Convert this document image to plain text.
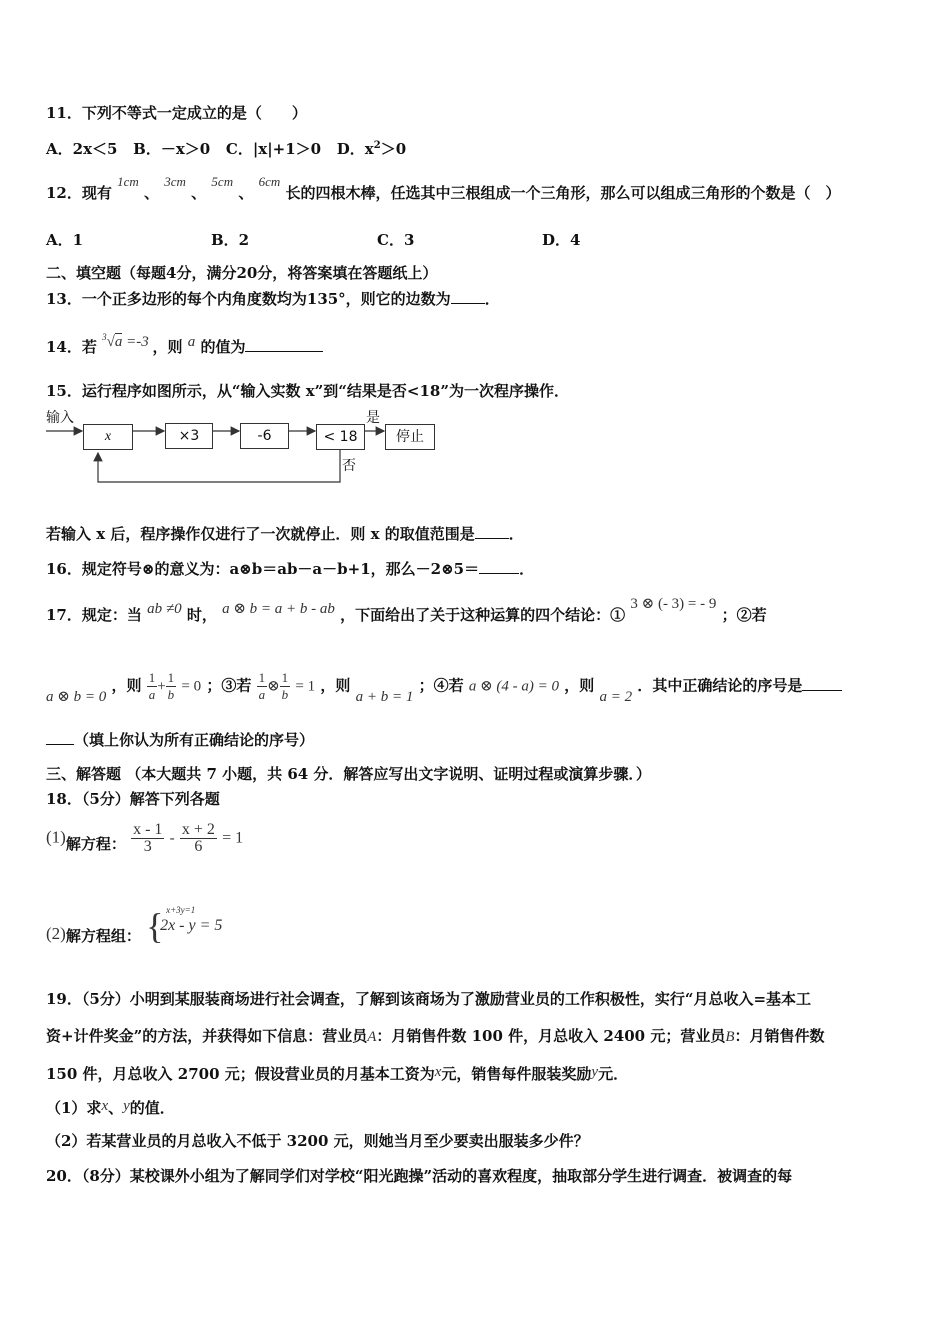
11．下列不等式一定成立的是（　　）
A．2x＜5 B．－x＞0 C．|x|+1＞0 D．$x^2>0$
12．现有 1cm 、 3cm 、 5cm 、 6cm 长的四根木棒，任选其中三根组成一个三角形，那么可以组成三角形的个数是（　）
A．1	B．2	C．3	D．4
二、填空题（每题4分，满分20分，将答案填在答题纸上）
13．一个正多边形的每个内角度数均为135°，则它的边数为 ．
14．若 $^3$√a =-3 ，则 a 的值为
15．运行程序如图所示，从“输入实数 x”到“结果是否<18”为一次程序操作．
输入
x	×3	-6	< 18
是
否
停止
若输入 x 后，程序操作仅进行了一次就停止．则 x 的取值范围是 ．
16．规定符号⊗的意义为：a⊗b＝ab－a－b+1，那么－2⊗5＝	．
17．规定：当 ab ≠0 时， a ⊗ b = a + b - ab ，下面给出了关于这种运算的四个结论：① 3 ⊗ (- 3) = - 9 ；②若
a ⊗ b = 0 ，则 $\frac{1}{a} + \frac{1}{b} = 0$ ；③若 $\frac{1}{a}$ ⊗ $\frac{1}{b} = 1$ ，则 a + b = 1 ；④若 a ⊗ (4 - a) = 0 ，则 a = 2 ．其中正确结论的序号是
（填上你认为所有正确结论的序号）
三、解答题 （本大题共 7 小题，共 64 分．解答应写出文字说明、证明过程或演算步骤．）
18．（5分）解答下列各题
(1)解方程： $\frac{x - 1}{3} - \frac{x + 2}{6} = 1$
(2)解方程组： { x+3y=1
2x - y = 5
19．（5分）小明到某服装商场进行社会调查，了解到该商场为了激励营业员的工作积极性，实行“月总收入=基本工
资+计件奖金”的方法，并获得如下信息：营业员A：月销售件数 100 件，月总收入 2400 元；营业员B：月销售件数
150 件，月总收入 2700 元；假设营业员的月基本工资为x元，销售每件服装奖励y元．
（1）求x、y的值．
（2）若某营业员的月总收入不低于 3200 元，则她当月至少要卖出服装多少件？
20．（8分）某校课外小组为了解同学们对学校“阳光跑操”活动的喜欢程度，抽取部分学生进行调查．被调查的每
